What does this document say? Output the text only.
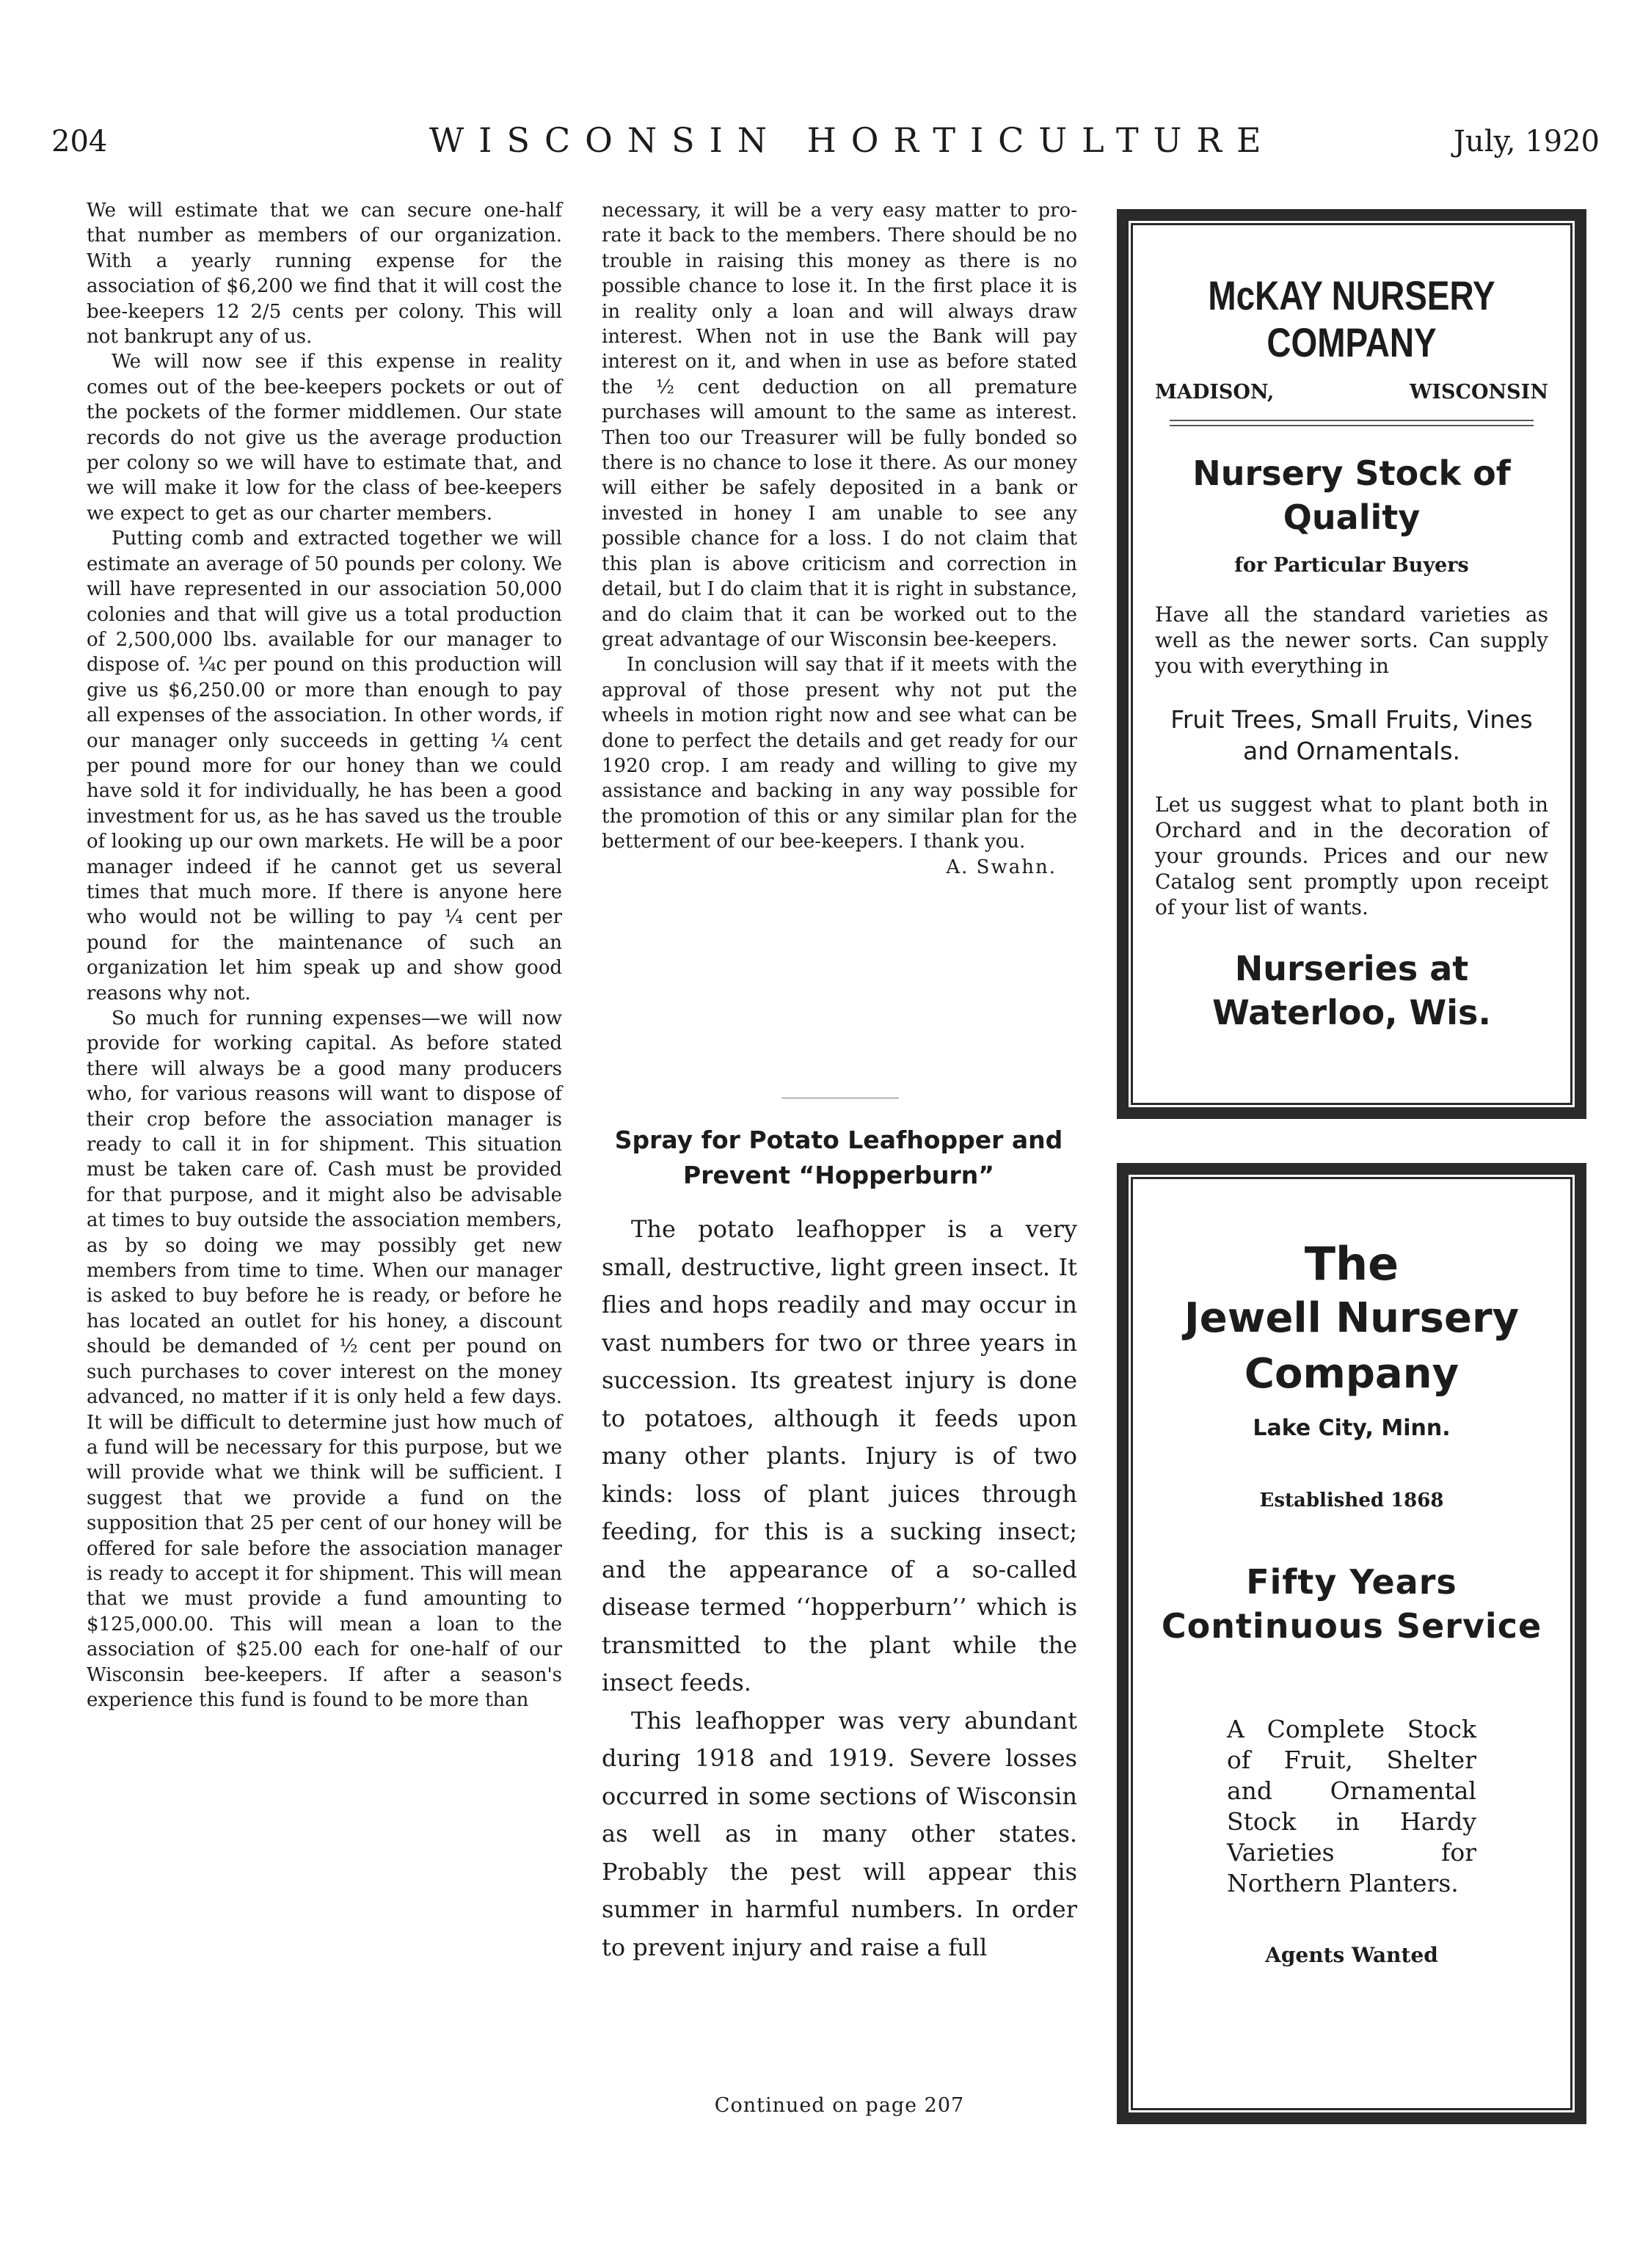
204	WISCONSIN HORTICULTURE	July, 1920

We will estimate that we can secure one-half that number as members of our organization. With a yearly running expense for the association of $6,200 we find that it will cost the bee-keepers 12 2/5 cents per colony. This will not bankrupt any of us.

We will now see if this expense in reality comes out of the bee-keepers pockets or out of the pockets of the former middlemen. Our state records do not give us the average production per colony so we will have to estimate that, and we will make it low for the class of bee-keepers we expect to get as our charter members.

Putting comb and extracted together we will estimate an average of 50 pounds per colony. We will have represented in our association 50,000 colonies and that will give us a total production of 2,500,000 lbs. available for our manager to dispose of. ¼c per pound on this production will give us $6,250.00 or more than enough to pay all expenses of the association. In other words, if our manager only succeeds in getting ¼ cent per pound more for our honey than we could have sold it for individually, he has been a good investment for us, as he has saved us the trouble of looking up our own markets. He will be a poor manager indeed if he cannot get us several times that much more. If there is anyone here who would not be willing to pay ¼ cent per pound for the maintenance of such an organization let him speak up and show good reasons why not.

So much for running expenses—we will now provide for working capital. As before stated there will always be a good many producers who, for various reasons will want to dispose of their crop before the association manager is ready to call it in for shipment. This situation must be taken care of. Cash must be provided for that purpose, and it might also be advisable at times to buy outside the association members, as by so doing we may possibly get new members from time to time. When our manager is asked to buy before he is ready, or before he has located an outlet for his honey, a discount should be demanded of ½ cent per pound on such purchases to cover interest on the money advanced, no matter if it is only held a few days. It will be difficult to determine just how much of a fund will be necessary for this purpose, but we will provide what we think will be sufficient. I suggest that we provide a fund on the supposition that 25 per cent of our honey will be offered for sale before the association manager is ready to accept it for shipment. This will mean that we must provide a fund amounting to $125,000.00. This will mean a loan to the association of $25.00 each for one-half of our Wisconsin bee-keepers. If after a season's experience this fund is found to be more than

necessary, it will be a very easy matter to pro-rate it back to the members. There should be no trouble in raising this money as there is no possible chance to lose it. In the first place it is in reality only a loan and will always draw interest. When not in use the Bank will pay interest on it, and when in use as before stated the ½ cent deduction on all premature purchases will amount to the same as interest. Then too our Treasurer will be fully bonded so there is no chance to lose it there. As our money will either be safely deposited in a bank or invested in honey I am unable to see any possible chance for a loss. I do not claim that this plan is above criticism and correction in detail, but I do claim that it is right in substance, and do claim that it can be worked out to the great advantage of our Wisconsin bee-keepers.

In conclusion will say that if it meets with the approval of those present why not put the wheels in motion right now and see what can be done to perfect the details and get ready for our 1920 crop. I am ready and willing to give my assistance and backing in any way possible for the promotion of this or any similar plan for the betterment of our bee-keepers. I thank you.

A. Swahn.
Spray for Potato Leafhopper and Prevent “Hopperburn”

The potato leafhopper is a very small, destructive, light green insect. It flies and hops readily and may occur in vast numbers for two or three years in succession. Its greatest injury is done to potatoes, although it feeds upon many other plants. Injury is of two kinds: loss of plant juices through feeding, for this is a sucking insect; and the appearance of a so-called disease termed ‘‘hopperburn’’ which is transmitted to the plant while the insect feeds.

This leafhopper was very abundant during 1918 and 1919. Severe losses occurred in some sections of Wisconsin as well as in many other states. Probably the pest will appear this summer in harmful numbers. In order to prevent injury and raise a full

Continued on page 207
McKAY NURSERY COMPANY
MADISON,	WISCONSIN
Nursery Stock of Quality
for Particular Buyers
Have all the standard varieties as well as the newer sorts. Can supply you with everything in
Fruit Trees, Small Fruits, Vines and Ornamentals.
Let us suggest what to plant both in Orchard and in the decoration of your grounds. Prices and our new Catalog sent promptly upon receipt of your list of wants.
Nurseries at Waterloo, Wis.
The
Jewell Nursery Company
Lake City, Minn.
Established 1868
Fifty Years Continuous Service
A Complete Stock of Fruit, Shelter and Ornamental Stock in Hardy Varieties for Northern Planters.
Agents Wanted
